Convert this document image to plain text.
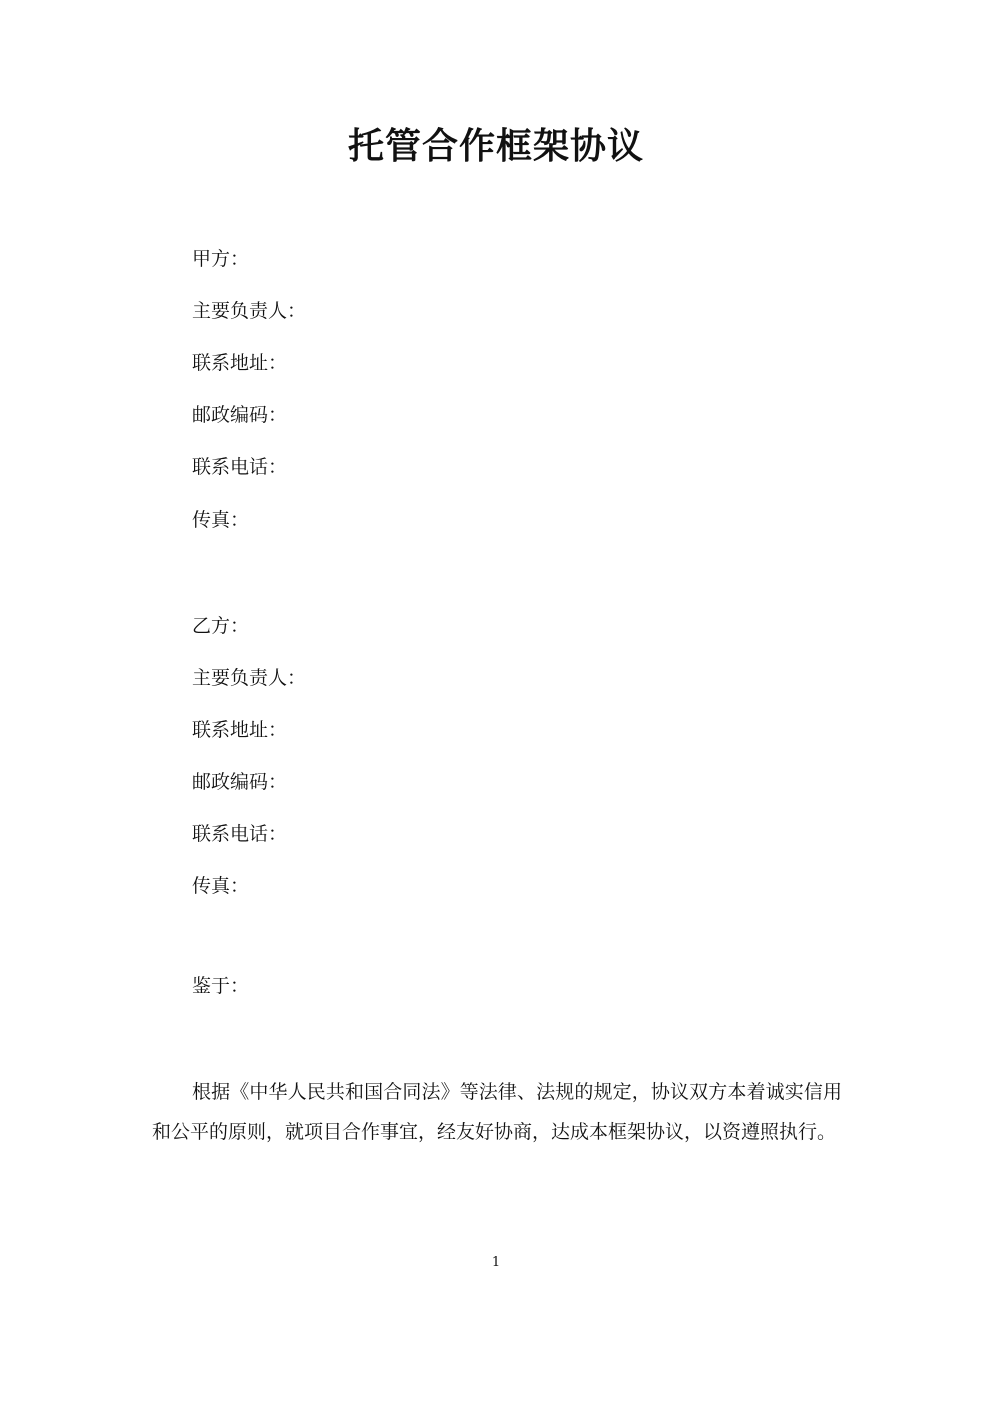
托管合作框架协议
甲方：
主要负责人：
联系地址：
邮政编码：
联系电话：
传真：
乙方：
主要负责人：
联系地址：
邮政编码：
联系电话：
传真：
鉴于：

根据《中华人民共和国合同法》等法律、法规的规定，协议双方本着诚实信用和公平的原则，就项目合作事宜，经友好协商，达成本框架协议，以资遵照执行。

1
